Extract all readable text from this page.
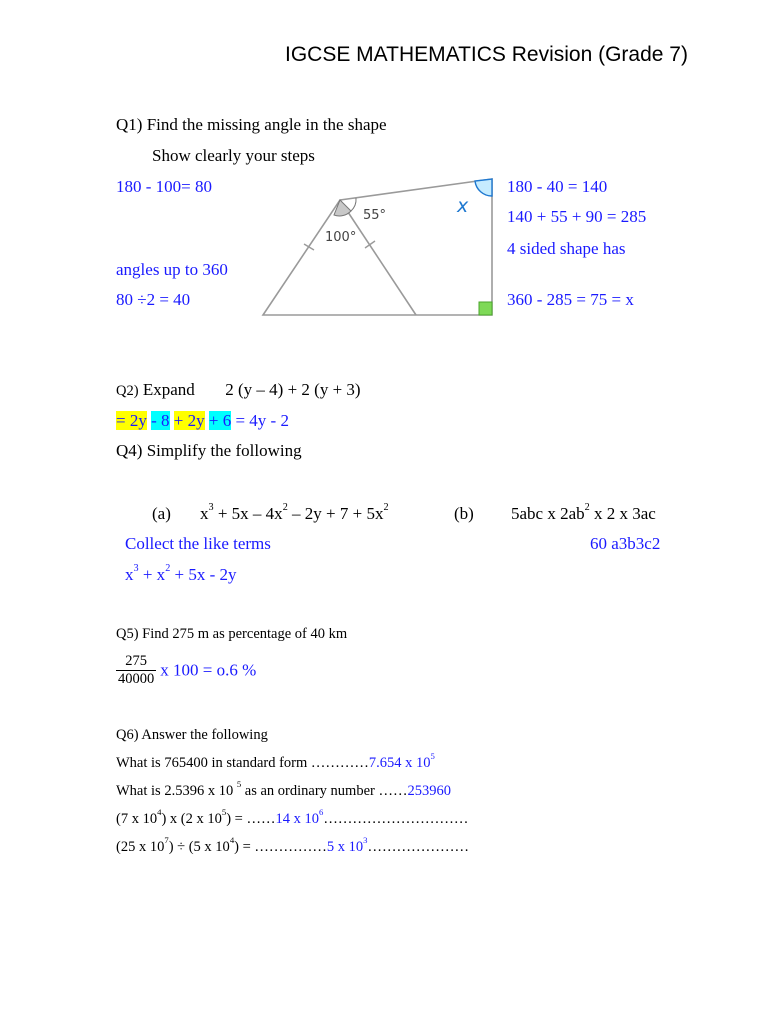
IGCSE MATHEMATICS Revision (Grade 7)
Q1) Find the missing angle in the shape
Show clearly your steps
180 - 100= 80
angles up to 360
80 ÷2 = 40
180 - 40 = 140
140 + 55 + 90 = 285
4 sided shape has
360 - 285 = 75 = x
100°
55°	x
Q2) Expand 2 (y – 4) + 2 (y + 3)
= 2y - 8 + 2y + 6 = 4y - 2
Q4) Simplify the following
(a) $x^3 + 5x - 4x^2 - 2y + 7 + 5x^2$	(b) 5abc x $2ab^2$ x 2 x 3ac
Collect the like terms	60 a3b3c2
$x^3 + x^2 + 5x - 2y$
Q5) Find 275 m as percentage of 40 km
$\frac{275}{40000}$ x 100 = o.6 %
Q6) Answer the following
What is 765400 in standard form …………7.654 x $10^5$
What is 2.5396 x 10 $^5$ as an ordinary number ……253960
(7 x $10^4$) x (2 x $10^5$) = ……14 x $10^6\dots\dots\dots\dots\dots\dots\dots\dots\dots\dots$
(25 x $10^7) \div (5$ x $10^4$) = ……………5 x $10^3\dots\dots\dots\dots\dots\dots\dots$
